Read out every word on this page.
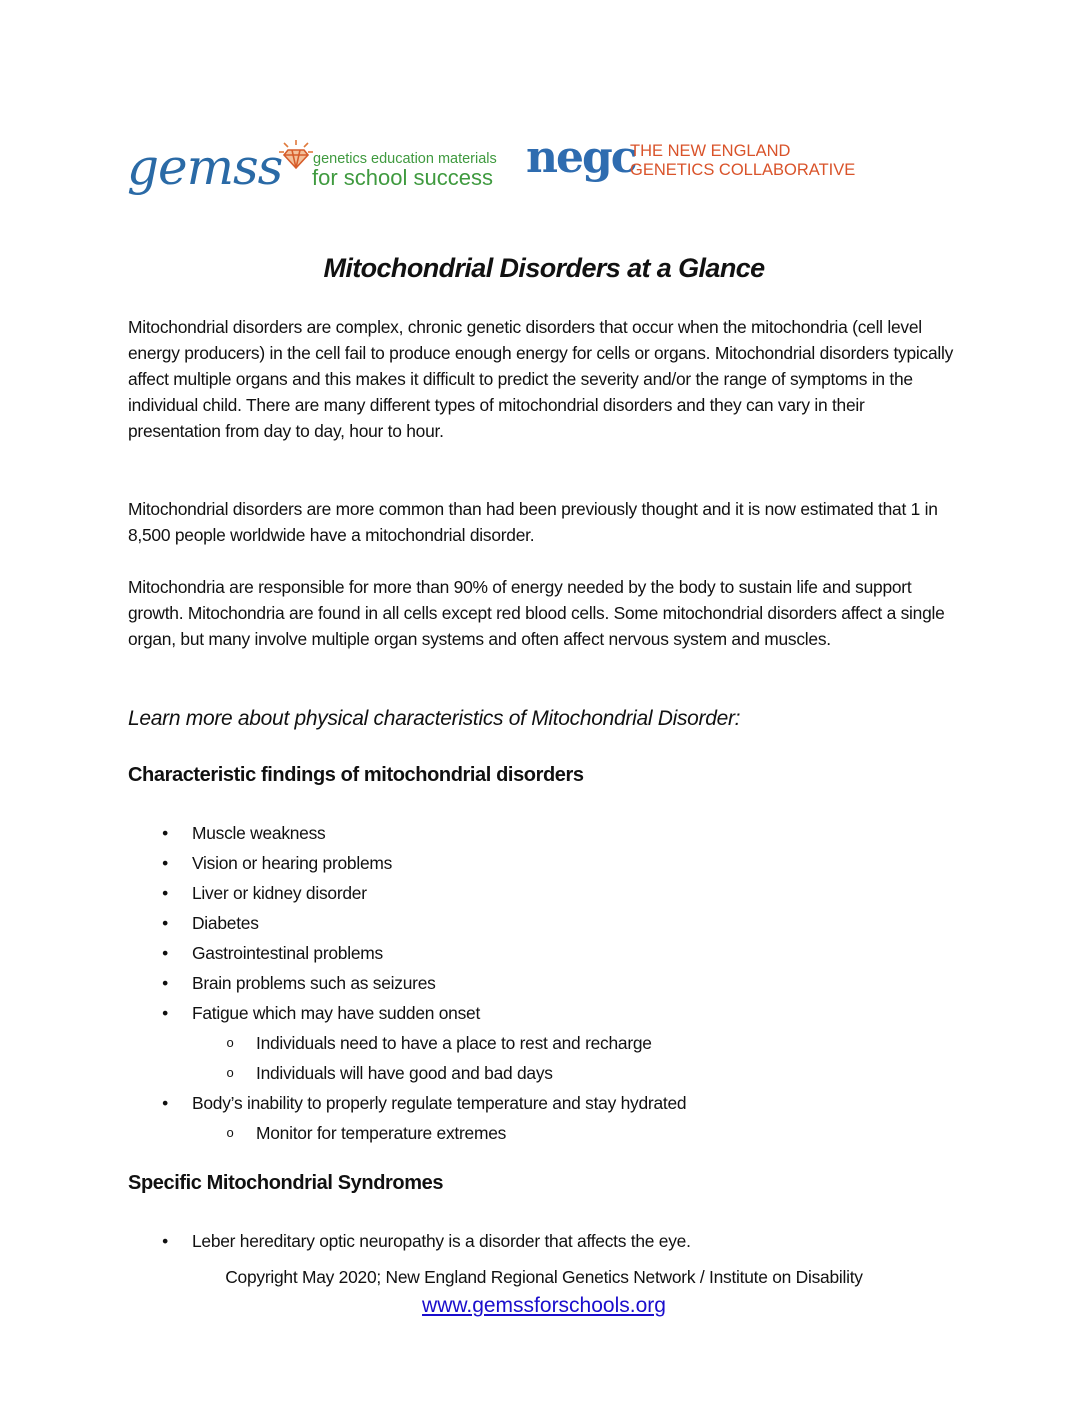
gemss genetics education materials
for school success negc
THE NEW ENGLAND
GENETICS COLLABORATIVE
Mitochondrial Disorders at a Glance

Mitochondrial disorders are complex, chronic genetic disorders that occur when the mitochondria (cell level energy producers) in the cell fail to produce enough energy for cells or organs. Mitochondrial disorders typically affect multiple organs and this makes it difficult to predict the severity and/or the range of symptoms in the individual child. There are many different types of mitochondrial disorders and they can vary in their presentation from day to day, hour to hour.

Mitochondrial disorders are more common than had been previously thought and it is now estimated that 1 in 8,500 people worldwide have a mitochondrial disorder.

Mitochondria are responsible for more than 90% of energy needed by the body to sustain life and support growth. Mitochondria are found in all cells except red blood cells. Some mitochondrial disorders affect a single organ, but many involve multiple organ systems and often affect nervous system and muscles.

Learn more about physical characteristics of Mitochondrial Disorder:
Characteristic findings of mitochondrial disorders
• Muscle weakness
• Vision or hearing problems
• Liver or kidney disorder
• Diabetes
• Gastrointestinal problems
• Brain problems such as seizures
• Fatigue which may have sudden onset
o Individuals need to have a place to rest and recharge
o Individuals will have good and bad days
• Body’s inability to properly regulate temperature and stay hydrated
o Monitor for temperature extremes
Specific Mitochondrial Syndromes
• Leber hereditary optic neuropathy is a disorder that affects the eye.
Copyright May 2020; New England Regional Genetics Network / Institute on Disability
www.gemssforschools.org
